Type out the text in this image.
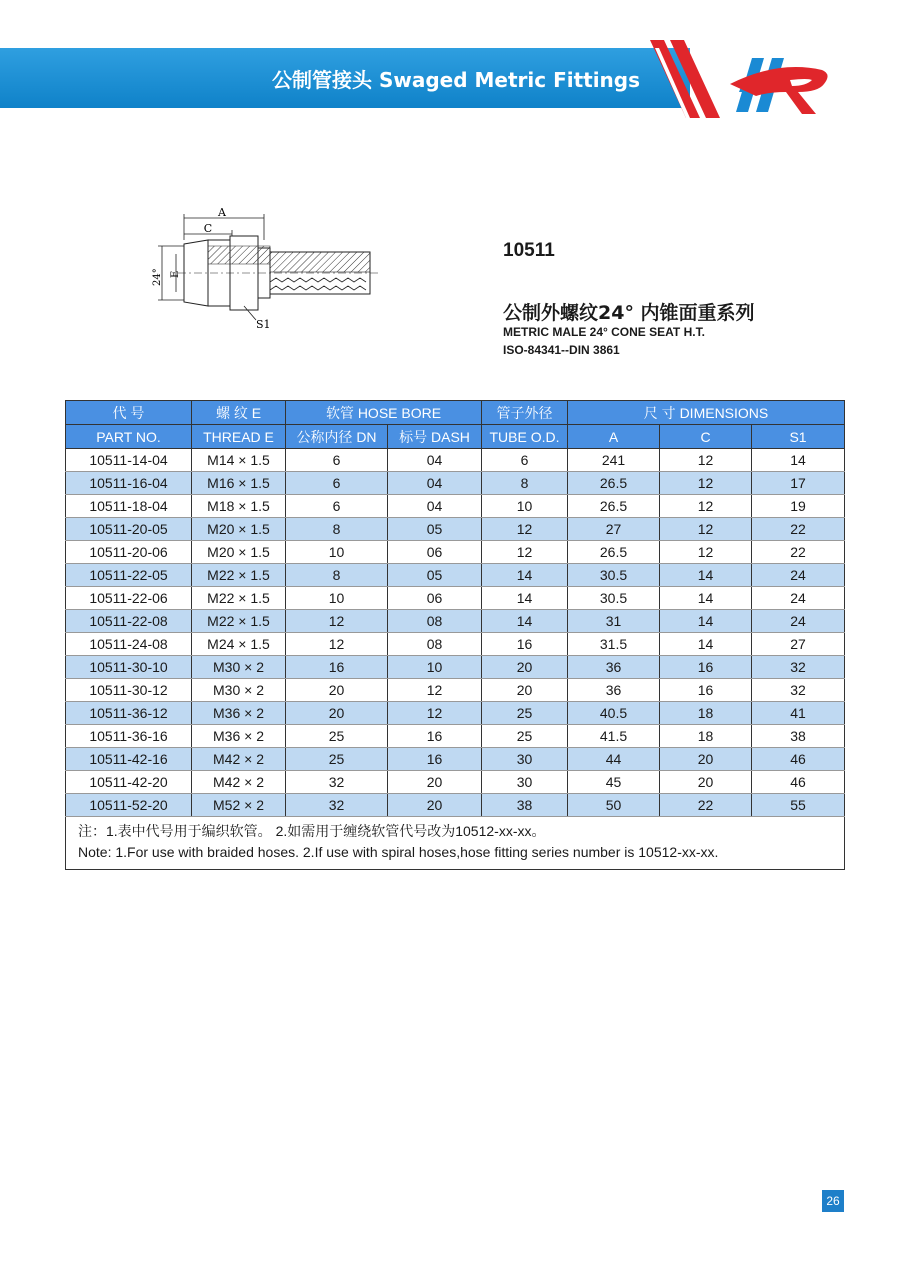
公制管接头 Swaged Metric Fittings
A
C
24° E
S1
10511
公制外螺纹24° 内锥面重系列
METRIC MALE 24° CONE SEAT H.T.
ISO-84341--DIN 3861
代 号	螺 纹 E	软管 HOSE BORE		管子外径	尺 寸 DIMENSIONS		
PART NO.	THREAD E	公称内径 DN	标号 DASH	TUBE O.D.	A	C	S1
10511-14-04	M14 × 1.5	6	04	6	241	12	14
10511-16-04	M16 × 1.5	6	04	8	26.5	12	17
10511-18-04	M18 × 1.5	6	04	10	26.5	12	19
10511-20-05	M20 × 1.5	8	05	12	27	12	22
10511-20-06	M20 × 1.5	10	06	12	26.5	12	22
10511-22-05	M22 × 1.5	8	05	14	30.5	14	24
10511-22-06	M22 × 1.5	10	06	14	30.5	14	24
10511-22-08	M22 × 1.5	12	08	14	31	14	24
10511-24-08	M24 × 1.5	12	08	16	31.5	14	27
10511-30-10	M30 × 2	16	10	20	36	16	32
10511-30-12	M30 × 2	20	12	20	36	16	32
10511-36-12	M36 × 2	20	12	25	40.5	18	41
10511-36-16	M36 × 2	25	16	25	41.5	18	38
10511-42-16	M42 × 2	25	16	30	44	20	46
10511-42-20	M42 × 2	32	20	30	45	20	46
10511-52-20	M52 × 2	32	20	38	50	22	55

注：1.表中代号用于编织软管。 2.如需用于缠绕软管代号改为10512-xx-xx。
Note: 1.For use with braided hoses. 2.If use with spiral hoses,hose fitting series number is 10512-xx-xx.							
26
